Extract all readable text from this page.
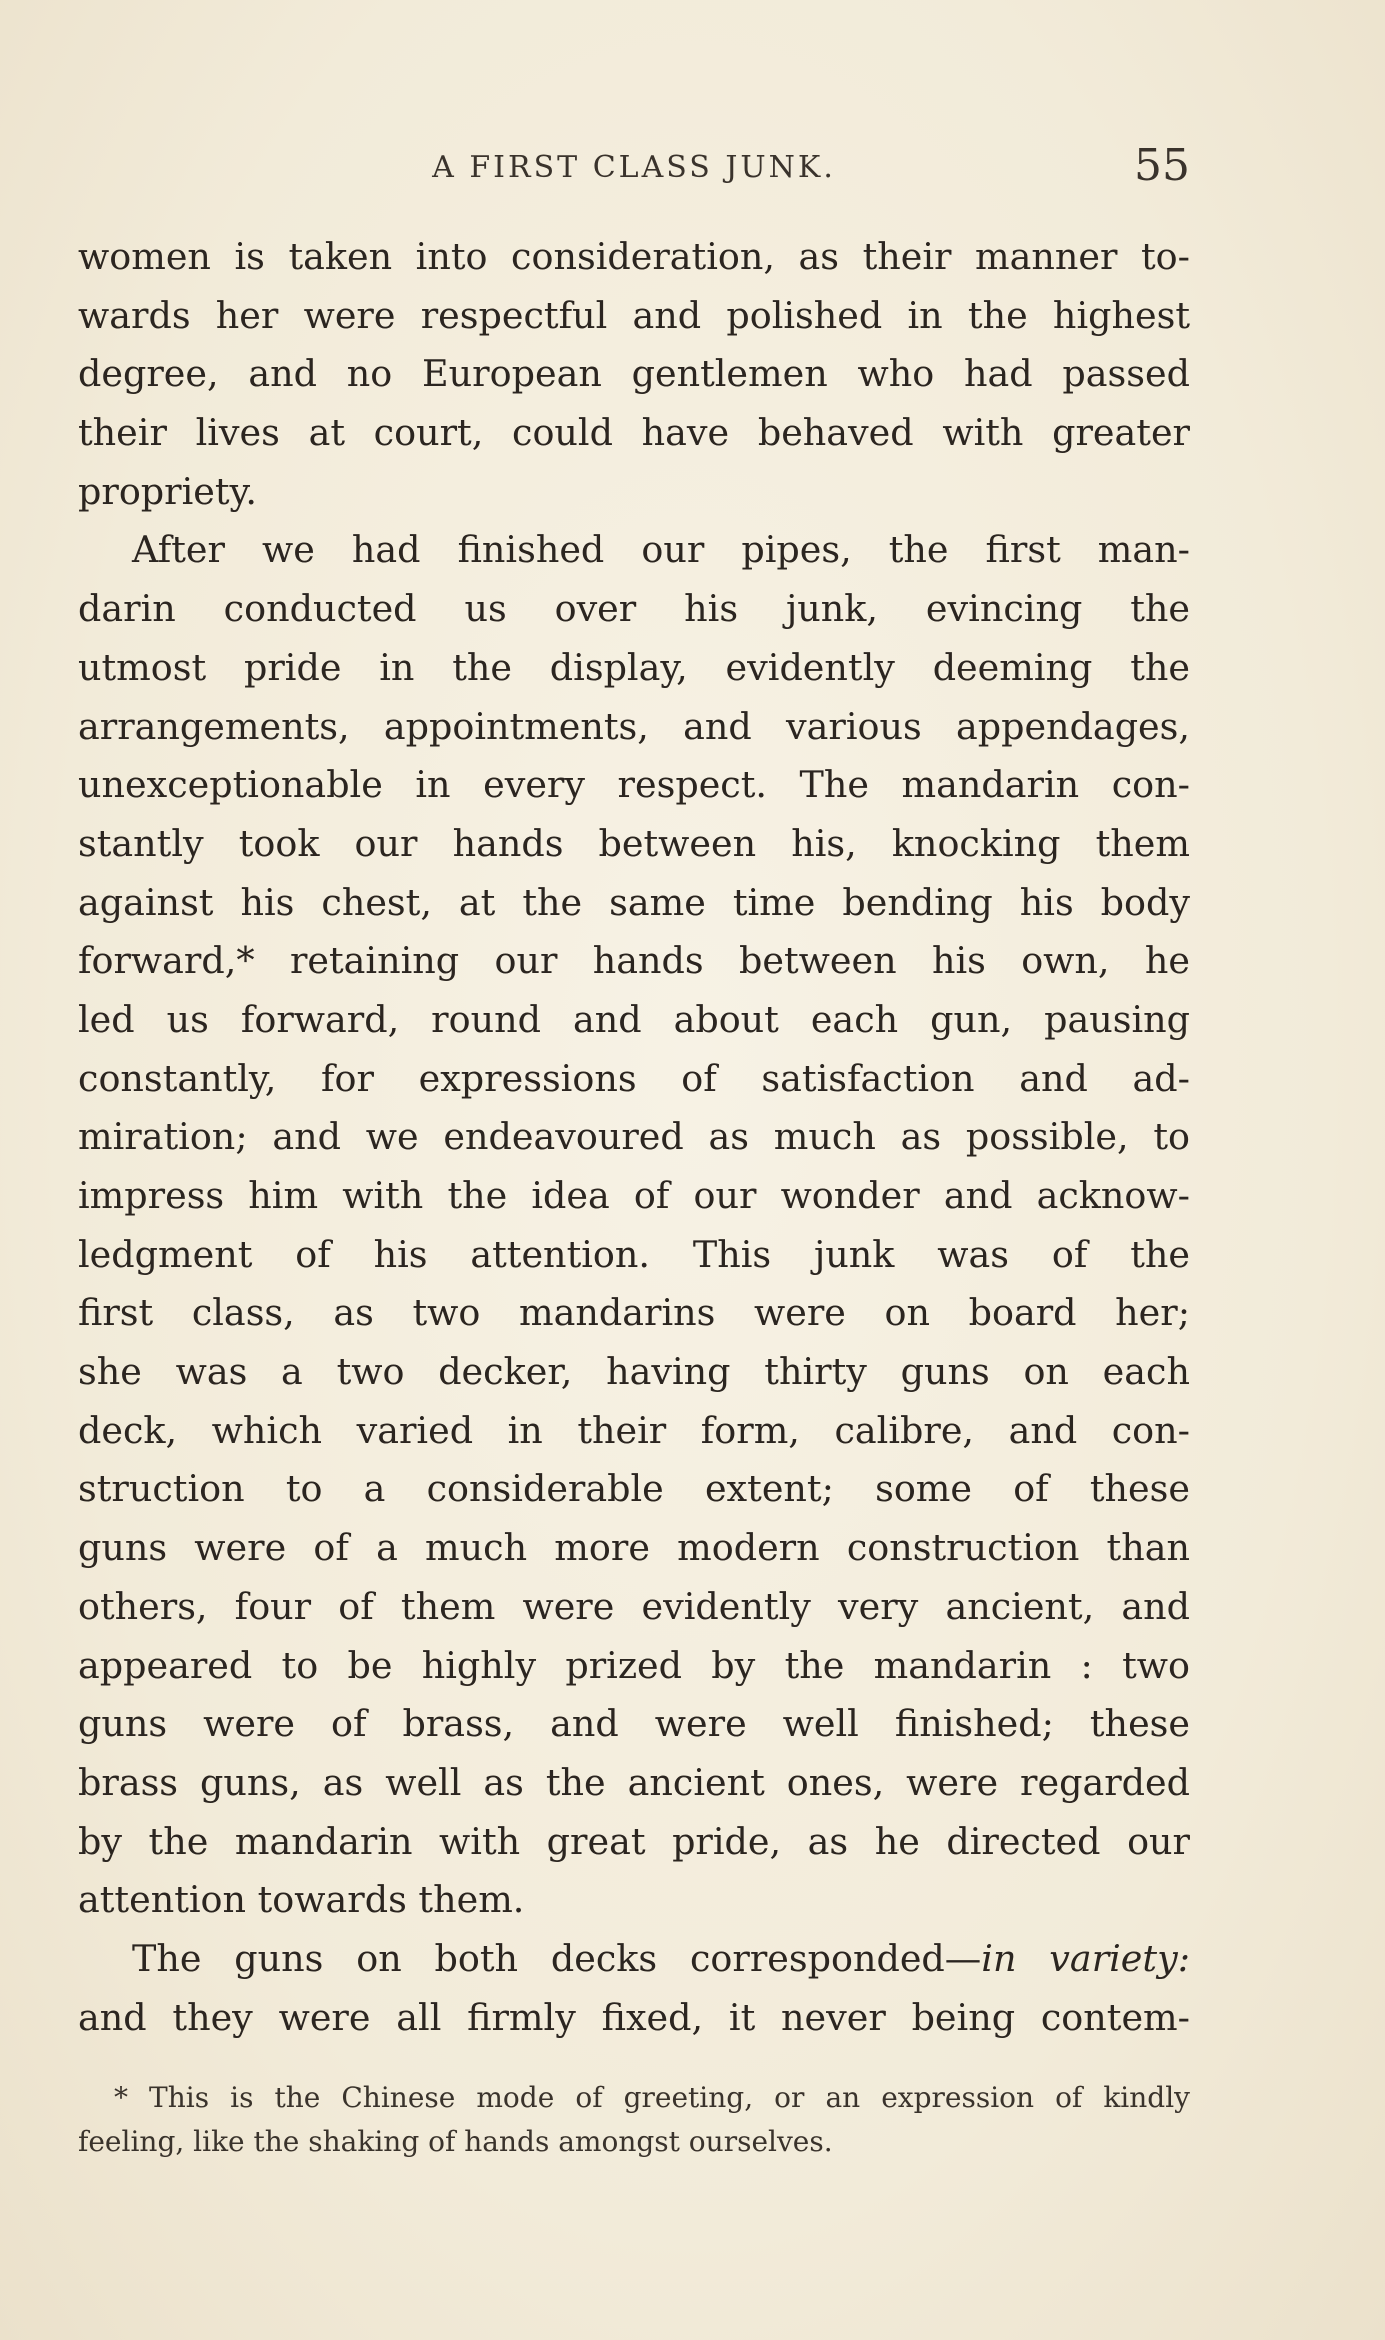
A FIRST CLASS JUNK.	55
women is taken into consideration, as their manner to-
wards her were respectful and polished in the highest
degree, and no European gentlemen who had passed
their lives at court, could have behaved with greater
propriety.
After we had finished our pipes, the first man-
darin conducted us over his junk, evincing the
utmost pride in the display, evidently deeming the
arrangements, appointments, and various appendages,
unexceptionable in every respect. The mandarin con-
stantly took our hands between his, knocking them
against his chest, at the same time bending his body
forward,* retaining our hands between his own, he
led us forward, round and about each gun, pausing
constantly, for expressions of satisfaction and ad-
miration; and we endeavoured as much as possible, to
impress him with the idea of our wonder and acknow-
ledgment of his attention. This junk was of the
first class, as two mandarins were on board her;
she was a two decker, having thirty guns on each
deck, which varied in their form, calibre, and con-
struction to a considerable extent; some of these
guns were of a much more modern construction than
others, four of them were evidently very ancient, and
appeared to be highly prized by the mandarin : two
guns were of brass, and were well finished; these
brass guns, as well as the ancient ones, were regarded
by the mandarin with great pride, as he directed our
attention towards them.
The guns on both decks corresponded—in variety:
and they were all firmly fixed, it never being contem-
* This is the Chinese mode of greeting, or an expression of kindly
feeling, like the shaking of hands amongst ourselves.
